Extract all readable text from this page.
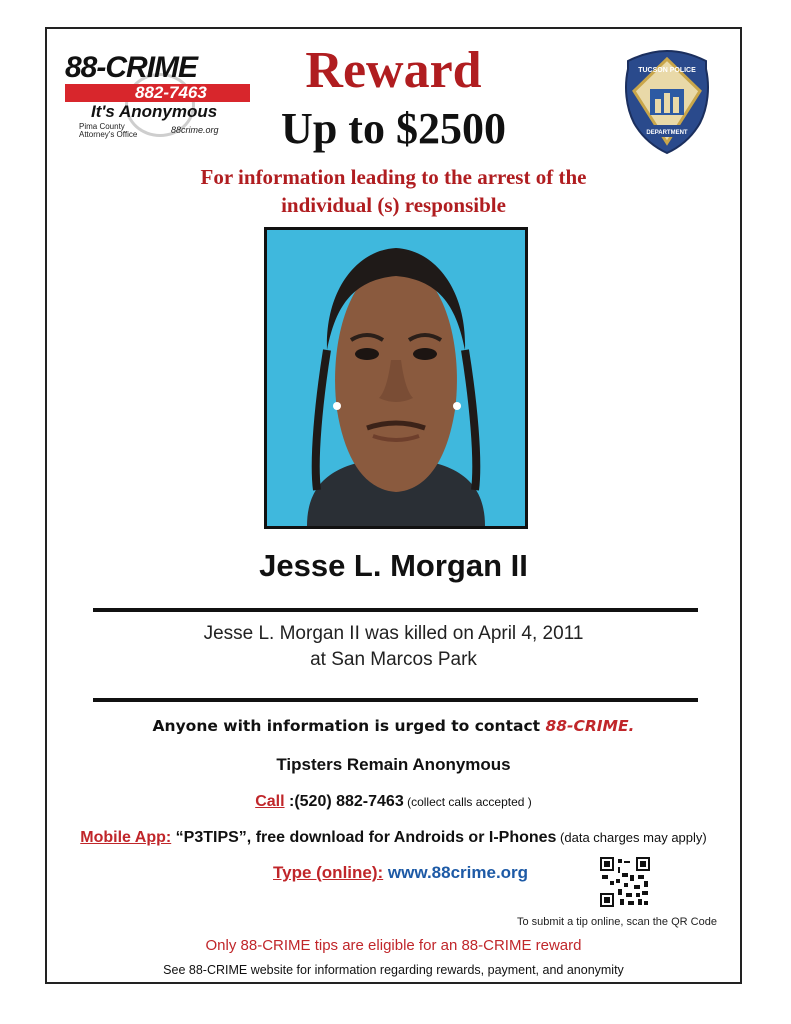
88-CRIME
882-7463
It's Anonymous
Pima County
Attorney's Office	88crime.org
TUCSON POLICE
DEPARTMENT
Reward
Up to $2500
For information leading to the arrest of the
individual (s) responsible
Jesse L. Morgan II
Jesse L. Morgan II was killed on April 4, 2011
at San Marcos Park
Anyone with information is urged to contact 88-CRIME.
Tipsters Remain Anonymous
Call :(520) 882-7463 (collect calls accepted )
Mobile App: “P3TIPS”, free download for Androids or I-Phones (data charges may apply)
Type (online): www.88crime.org
To submit a tip online, scan the QR Code
Only 88-CRIME tips are eligible for an 88-CRIME reward
See 88-CRIME website for information regarding rewards, payment, and anonymity
